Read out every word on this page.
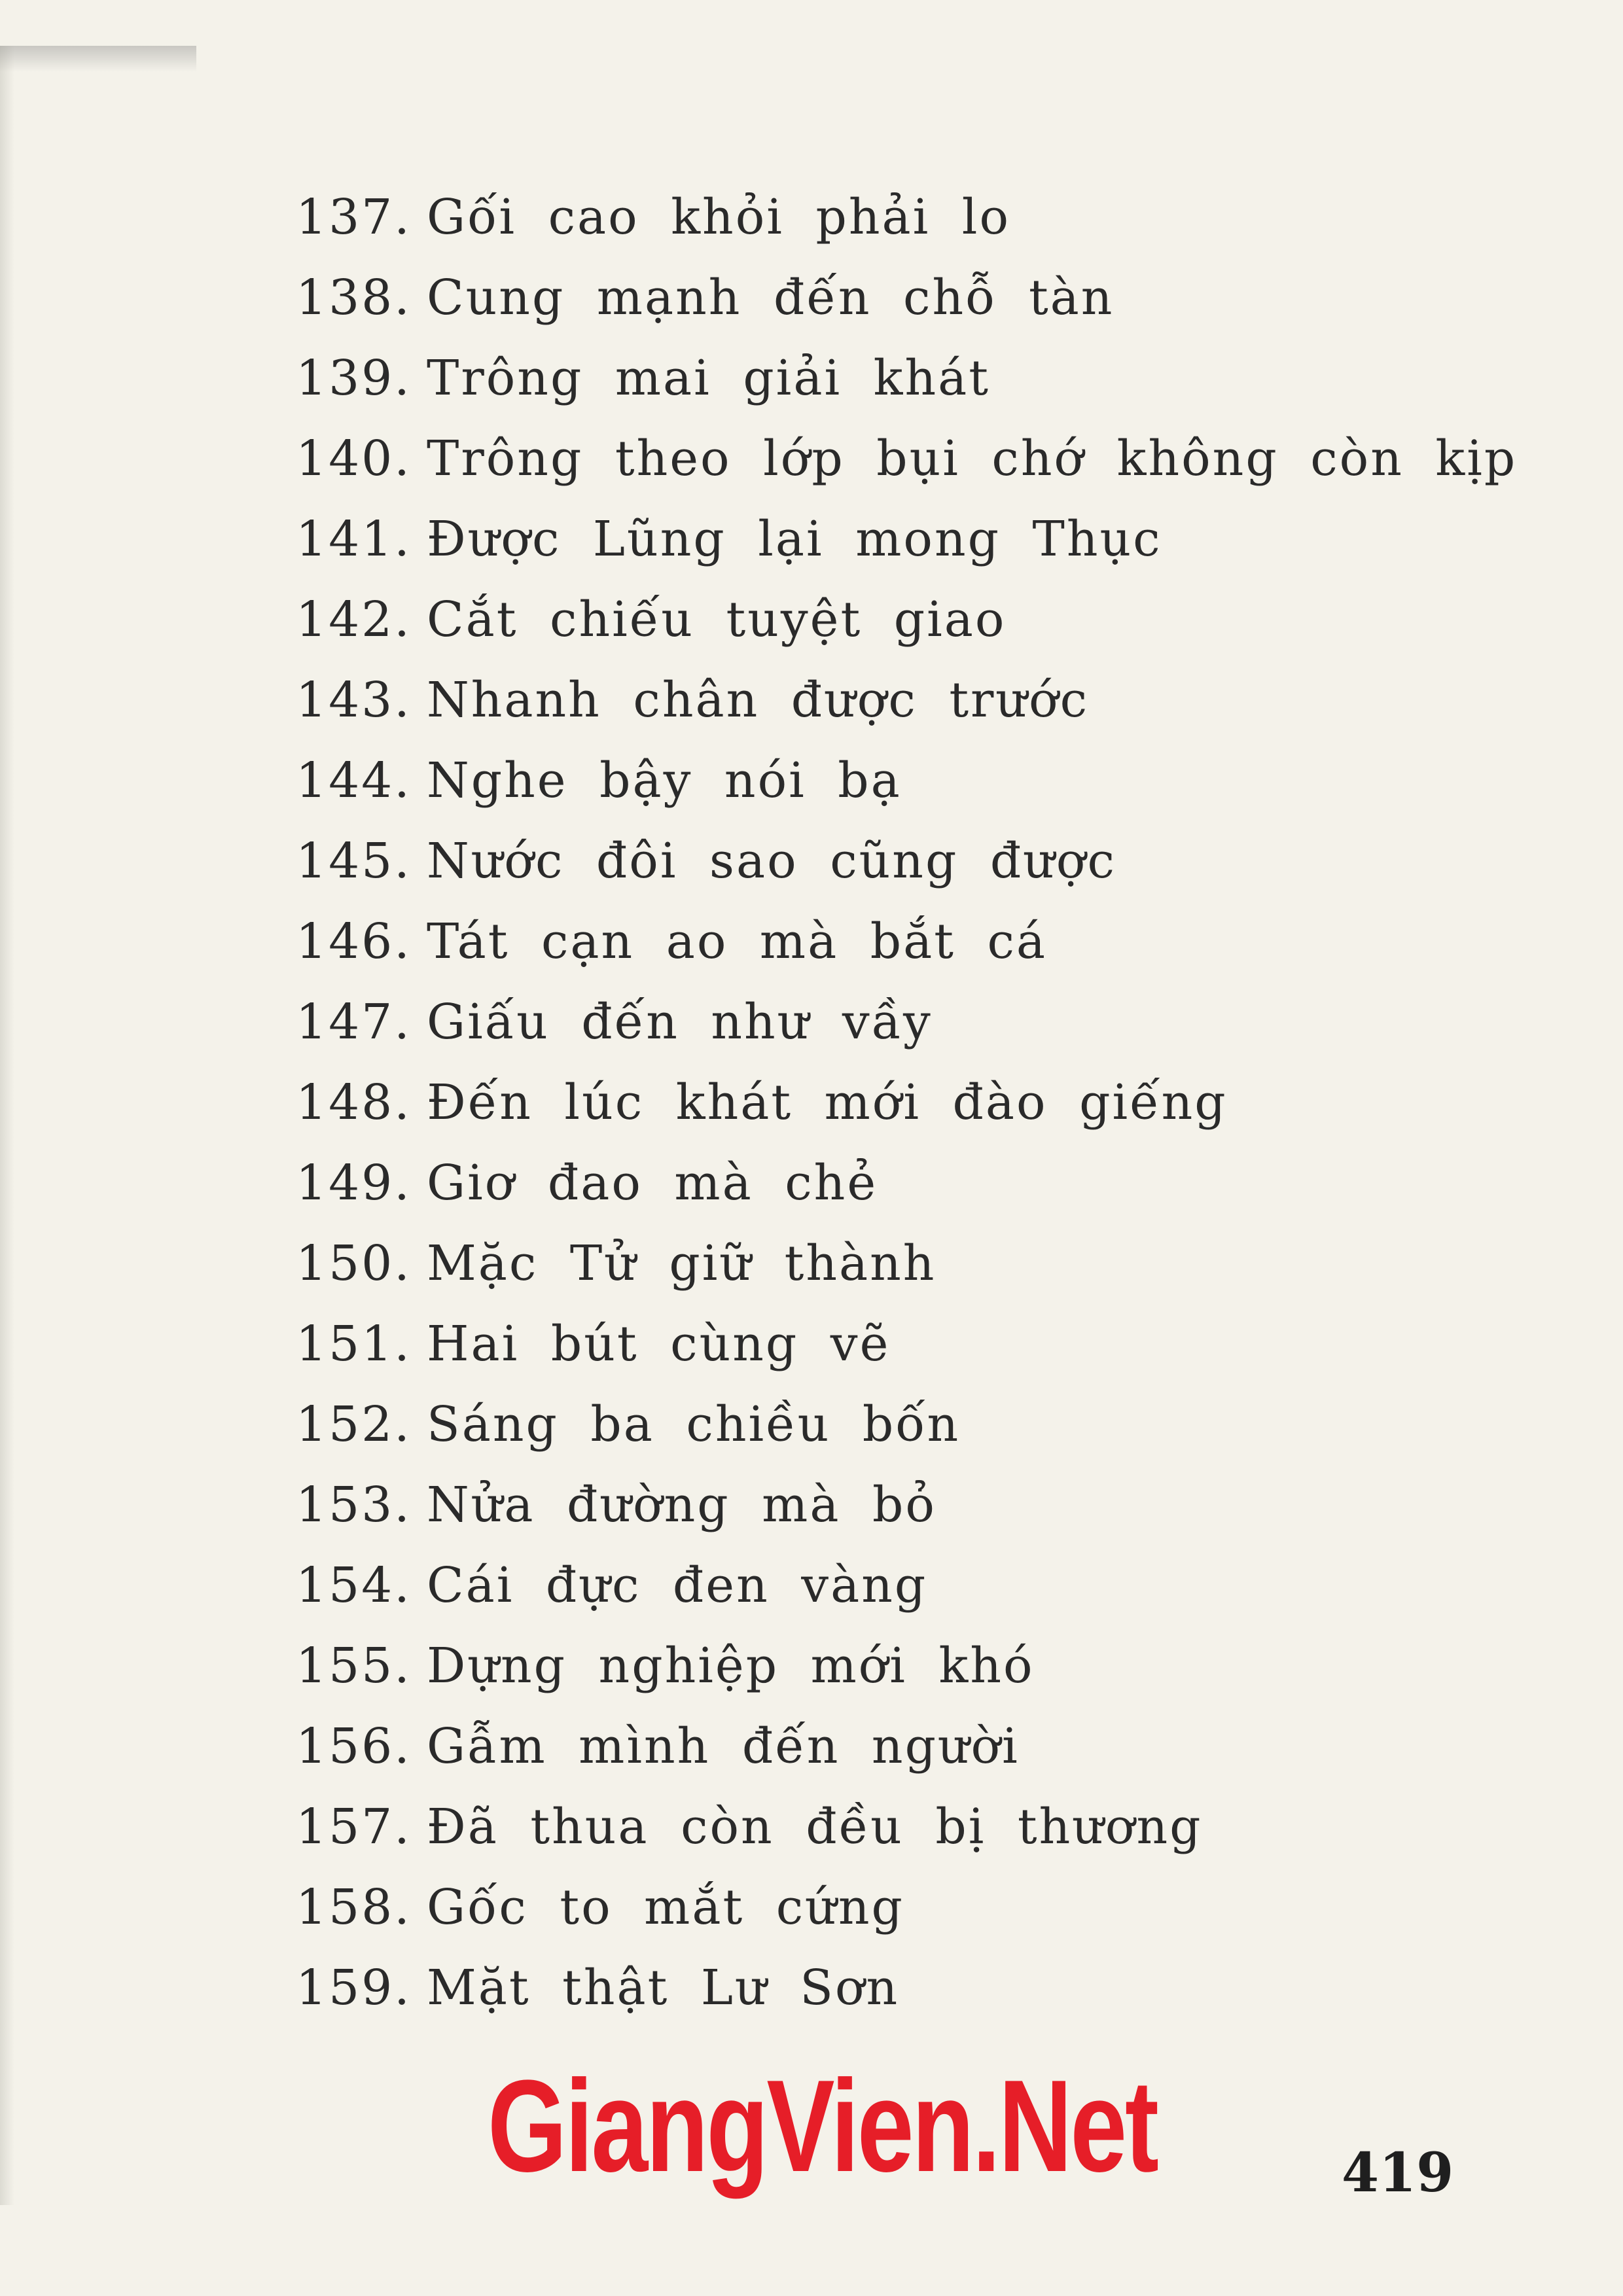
137. Gối cao khỏi phải lo
138. Cung mạnh đến chỗ tàn
139. Trông mai giải khát
140. Trông theo lớp bụi chớ không còn kịp
141. Được Lũng lại mong Thục
142. Cắt chiếu tuyệt giao
143. Nhanh chân được trước
144. Nghe bậy nói bạ
145. Nước đôi sao cũng được
146. Tát cạn ao mà bắt cá
147. Giấu đến như vầy
148. Đến lúc khát mới đào giếng
149. Giơ đao mà chẻ
150. Mặc Tử giữ thành
151. Hai bút cùng vẽ
152. Sáng ba chiều bốn
153. Nửa đường mà bỏ
154. Cái đực đen vàng
155. Dựng nghiệp mới khó
156. Gẫm mình đến người
157. Đã thua còn đều bị thương
158. Gốc to mắt cứng
159. Mặt thật Lư Sơn
GiangVien.Net	419
